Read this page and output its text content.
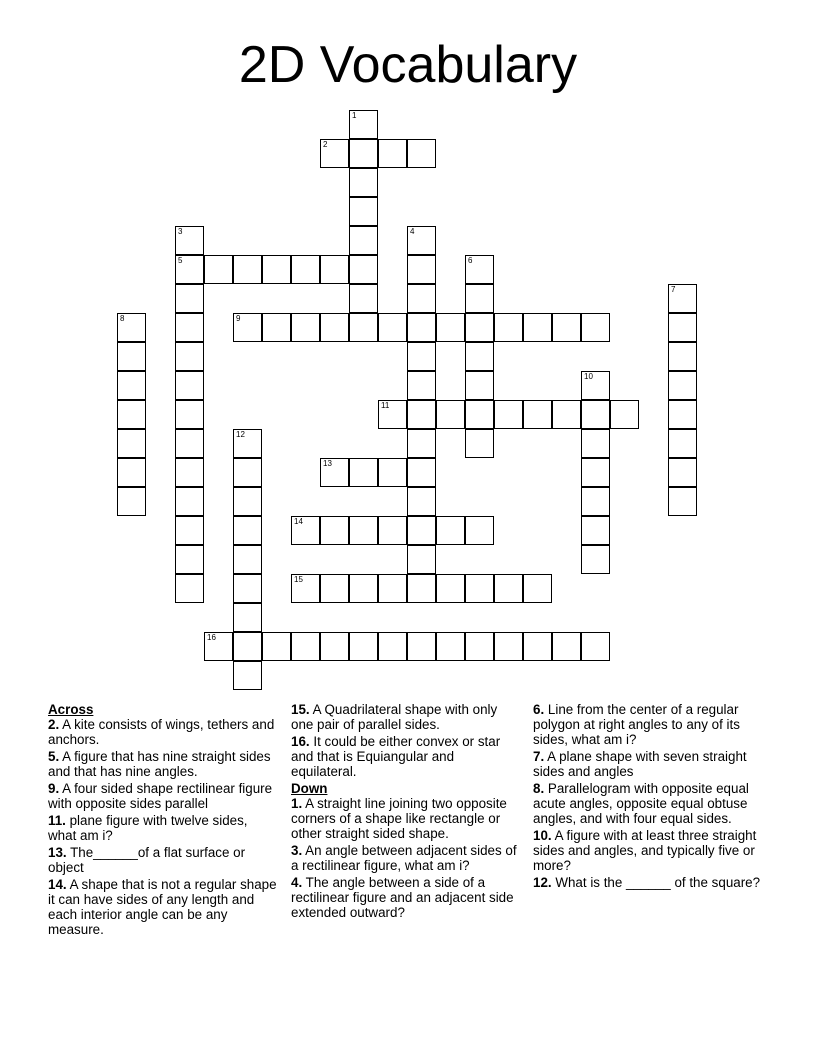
2D Vocabulary
1
2
3
5
4
6
7
8	9
10
11
12
13
14
15
16
Across
2. A kite consists of wings, tethers and anchors.
5. A figure that has nine straight sides and that has nine angles.
9. A four sided shape rectilinear figure with opposite sides parallel
11. plane figure with twelve sides, what am i?
13. The______of a flat surface or object
14. A shape that is not a regular shape it can have sides of any length and each interior angle can be any measure.
15. A Quadrilateral shape with only one pair of parallel sides.
16. It could be either convex or star and that is Equiangular and equilateral.
Down
1. A straight line joining two opposite corners of a shape like rectangle or other straight sided shape.
3. An angle between adjacent sides of a rectilinear figure, what am i?
4. The angle between a side of a rectilinear figure and an adjacent side extended outward?
6. Line from the center of a regular polygon at right angles to any of its sides, what am i?
7. A plane shape with seven straight sides and angles
8. Parallelogram with opposite equal acute angles, opposite equal obtuse angles, and with four equal sides.
10. A figure with at least three straight sides and angles, and typically five or more?
12. What is the ______ of the square?
